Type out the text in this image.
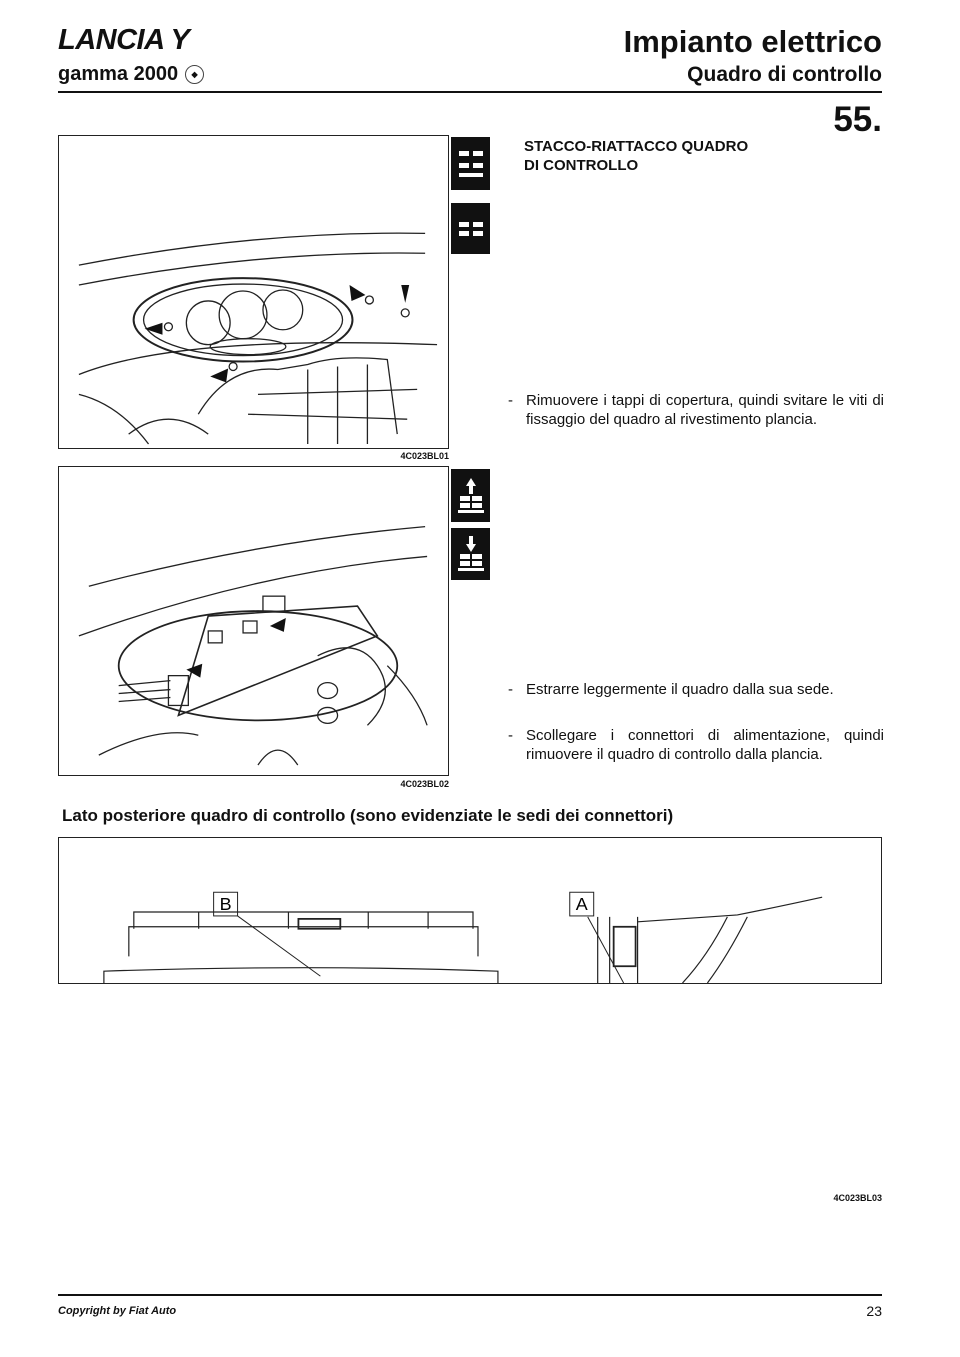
LANCIA Y
gamma 2000	◆
Impianto elettrico
Quadro di controllo
55.
4C023BL01
4C023BL02
STACCO-RIATTACCO QUADRO
DI CONTROLLO
- Rimuovere i tappi di copertura, quindi svitare le viti di fissaggio del quadro al rivestimento plancia.
- Estrarre leggermente il quadro dalla sua sede.
- Scollegare i connettori di alimentazione, quindi rimuovere il quadro di controllo dalla plancia.
Lato posteriore quadro di controllo (sono evidenziate le sedi dei connettori)
B	A
4C023BL03
Copyright by Fiat Auto	23
